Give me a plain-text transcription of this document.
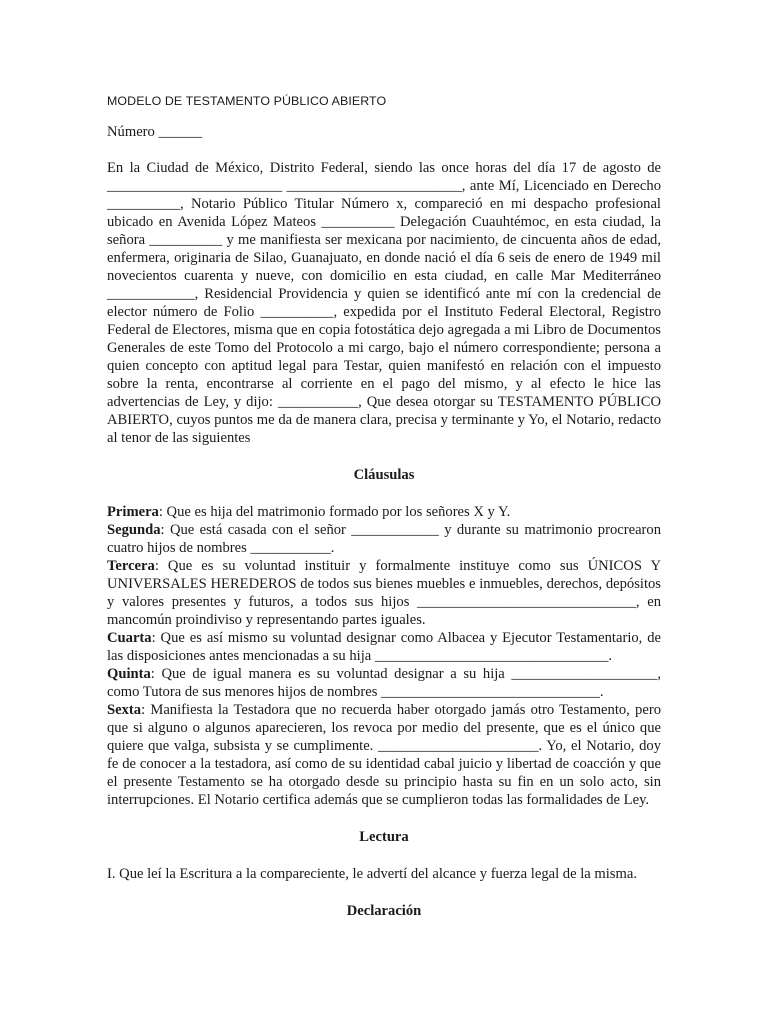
MODELO DE TESTAMENTO PÚBLICO ABIERTO
Número ______

En la Ciudad de México, Distrito Federal, siendo las once horas del día 17 de agosto de ________________________ ________________________, ante Mí, Licenciado en Derecho __________, Notario Público Titular Número x, compareció en mi despacho profesional ubicado en Avenida López Mateos __________ Delegación Cuauhtémoc, en esta ciudad, la señora __________ y me manifiesta ser mexicana por nacimiento, de cincuenta años de edad, enfermera, originaria de Silao, Guanajuato, en donde nació el día 6 seis de enero de 1949 mil novecientos cuarenta y nueve, con domicilio en esta ciudad, en calle Mar Mediterráneo ____________, Residencial Providencia y quien se identificó ante mí con la credencial de elector número de Folio __________, expedida por el Instituto Federal Electoral, Registro Federal de Electores, misma que en copia fotostática dejo agregada a mi Libro de Documentos Generales de este Tomo del Protocolo a mi cargo, bajo el número correspondiente; persona a quien concepto con aptitud legal para Testar, quien manifestó en relación con el impuesto sobre la renta, encontrarse al corriente en el pago del mismo, y al efecto le hice las advertencias de Ley, y dijo: ___________, Que desea otorgar su TESTAMENTO PÚBLICO ABIERTO, cuyos puntos me da de manera clara, precisa y terminante y Yo, el Notario, redacto al tenor de las siguientes

Cláusulas

Primera: Que es hija del matrimonio formado por los señores X y Y.

Segunda: Que está casada con el señor ____________ y durante su matrimonio procrearon cuatro hijos de nombres ___________.

Tercera: Que es su voluntad instituir y formalmente instituye como sus ÚNICOS Y UNIVERSALES HEREDEROS de todos sus bienes muebles e inmuebles, derechos, depósitos y valores presentes y futuros, a todos sus hijos ______________________________, en mancomún proindiviso y representando partes iguales.

Cuarta: Que es así mismo su voluntad designar como Albacea y Ejecutor Testamentario, de las disposiciones antes mencionadas a su hija ________________________________.

Quinta: Que de igual manera es su voluntad designar a su hija ____________________, como Tutora de sus menores hijos de nombres ______________________________.

Sexta: Manifiesta la Testadora que no recuerda haber otorgado jamás otro Testamento, pero que si alguno o algunos aparecieren, los revoca por medio del presente, que es el único que quiere que valga, subsista y se cumplimente. ______________________. Yo, el Notario, doy fe de conocer a la testadora, así como de su identidad cabal juicio y libertad de coacción y que el presente Testamento se ha otorgado desde su principio hasta su fin en un solo acto, sin interrupciones. El Notario certifica además que se cumplieron todas las formalidades de Ley.

Lectura

I. Que leí la Escritura a la compareciente, le advertí del alcance y fuerza legal de la misma.

Declaración
